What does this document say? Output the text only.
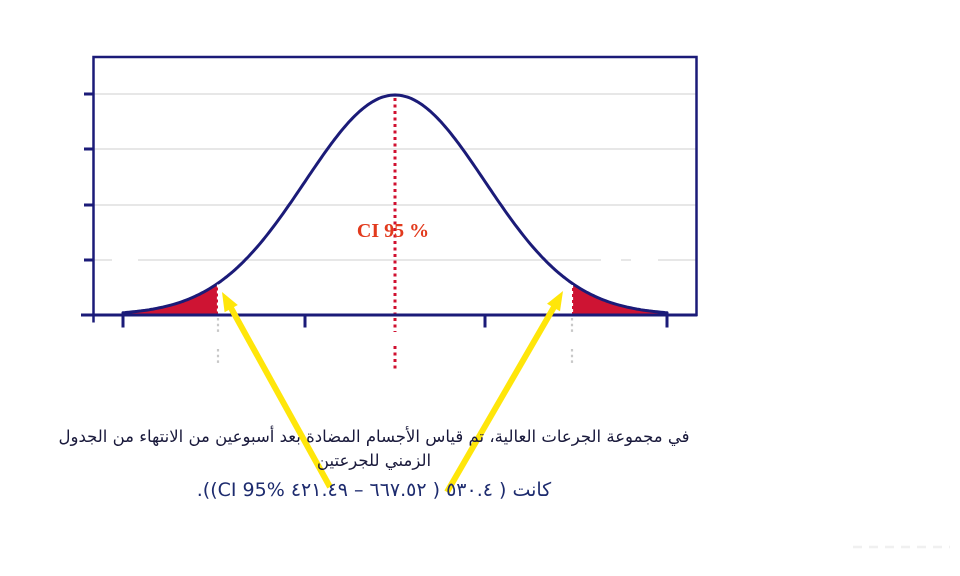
CI 95 %
في مجموعة الجرعات العالية، تم قياس الأجسام المضادة بعد أسبوعين من الانتهاء من الجدول
الزمني للجرعتين
كانت ( ٥٣٠.٤ ( ٦٦٧.٥٢ – ٤٢١.٤٩ CI 95%)).
